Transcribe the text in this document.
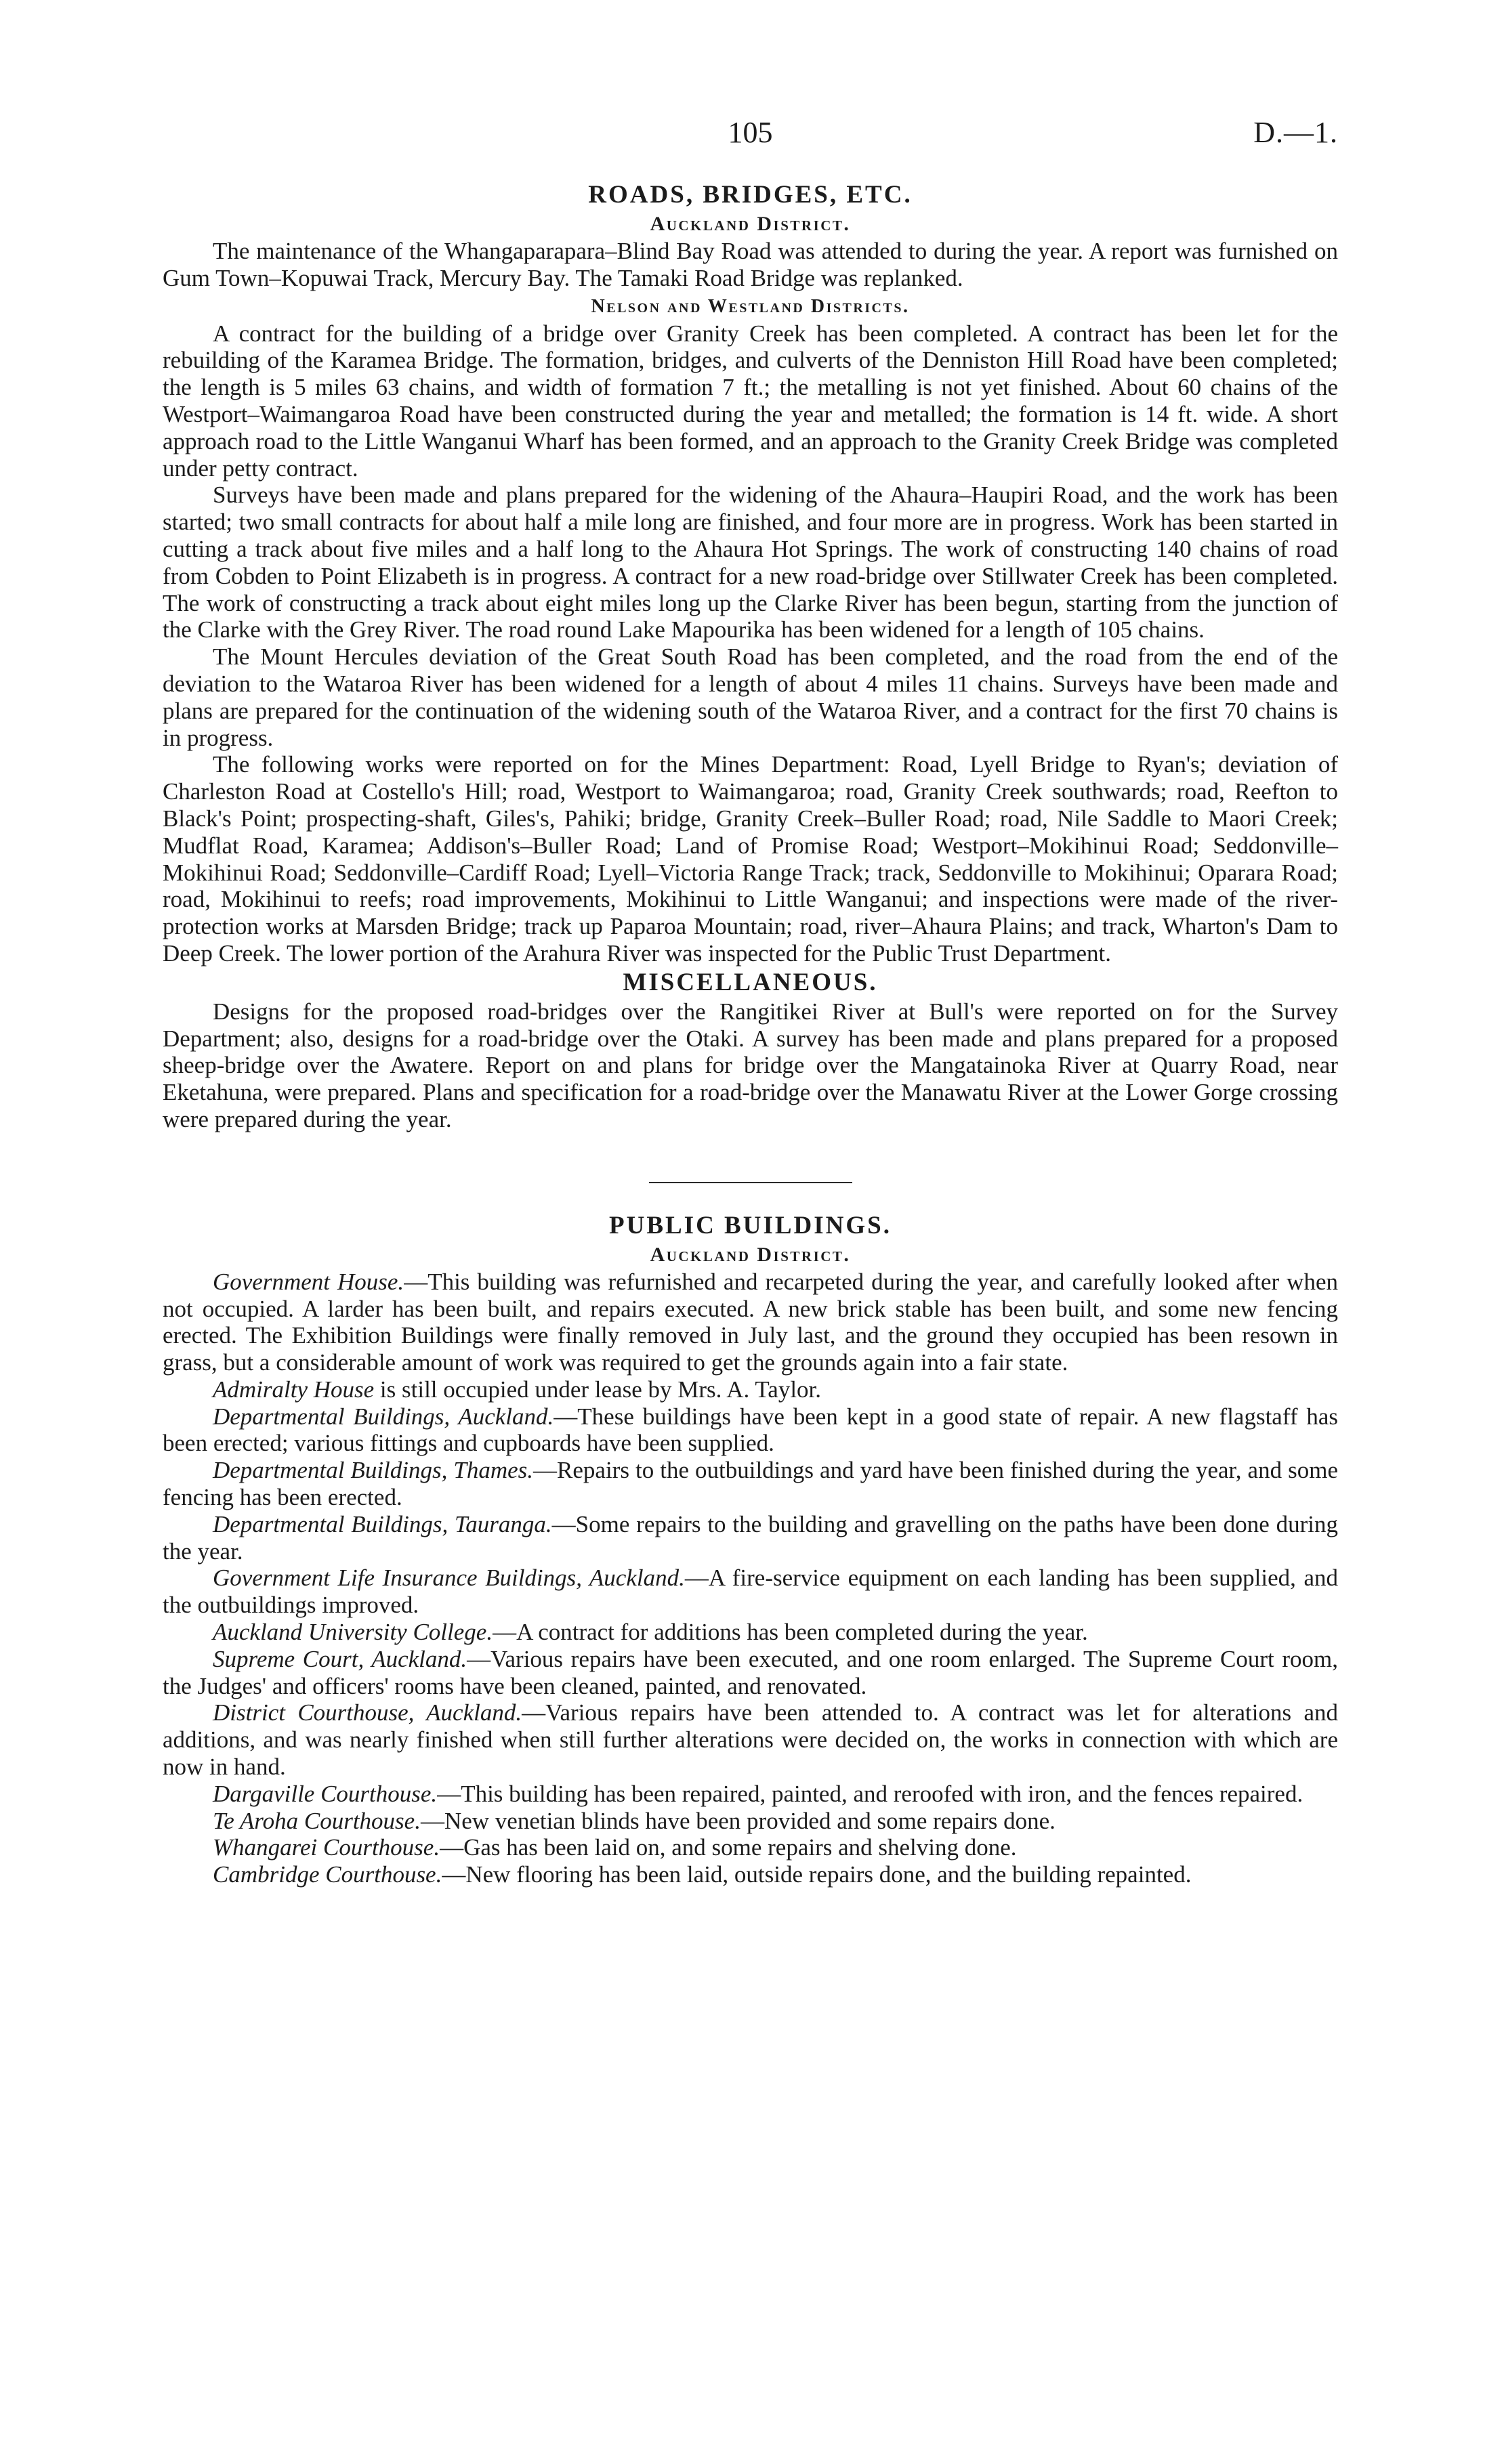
105	D.—1.
ROADS, BRIDGES, ETC.
Auckland District.

The maintenance of the Whangaparapara–Blind Bay Road was attended to during the year. A report was furnished on Gum Town–Kopuwai Track, Mercury Bay. The Tamaki Road Bridge was replanked.

Nelson and Westland Districts.

A contract for the building of a bridge over Granity Creek has been completed. A contract has been let for the rebuilding of the Karamea Bridge. The formation, bridges, and culverts of the Denniston Hill Road have been completed; the length is 5 miles 63 chains, and width of formation 7 ft.; the metalling is not yet finished. About 60 chains of the Westport–Waimangaroa Road have been constructed during the year and metalled; the formation is 14 ft. wide. A short approach road to the Little Wanganui Wharf has been formed, and an approach to the Granity Creek Bridge was completed under petty contract.

Surveys have been made and plans prepared for the widening of the Ahaura–Haupiri Road, and the work has been started; two small contracts for about half a mile long are finished, and four more are in progress. Work has been started in cutting a track about five miles and a half long to the Ahaura Hot Springs. The work of constructing 140 chains of road from Cobden to Point Elizabeth is in progress. A contract for a new road-bridge over Stillwater Creek has been completed. The work of constructing a track about eight miles long up the Clarke River has been begun, starting from the junction of the Clarke with the Grey River. The road round Lake Mapourika has been widened for a length of 105 chains.

The Mount Hercules deviation of the Great South Road has been completed, and the road from the end of the deviation to the Wataroa River has been widened for a length of about 4 miles 11 chains. Surveys have been made and plans are prepared for the continuation of the widening south of the Wataroa River, and a contract for the first 70 chains is in progress.

The following works were reported on for the Mines Department: Road, Lyell Bridge to Ryan's; deviation of Charleston Road at Costello's Hill; road, Westport to Waimangaroa; road, Granity Creek southwards; road, Reefton to Black's Point; prospecting-shaft, Giles's, Pahiki; bridge, Granity Creek–Buller Road; road, Nile Saddle to Maori Creek; Mudflat Road, Karamea; Addison's–Buller Road; Land of Promise Road; Westport–Mokihinui Road; Seddonville–Mokihinui Road; Seddonville–Cardiff Road; Lyell–Victoria Range Track; track, Seddonville to Mokihinui; Oparara Road; road, Mokihinui to reefs; road improvements, Mokihinui to Little Wanganui; and inspections were made of the river-protection works at Marsden Bridge; track up Paparoa Mountain; road, river–Ahaura Plains; and track, Wharton's Dam to Deep Creek. The lower portion of the Arahura River was inspected for the Public Trust Department.

MISCELLANEOUS.

Designs for the proposed road-bridges over the Rangitikei River at Bull's were reported on for the Survey Department; also, designs for a road-bridge over the Otaki. A survey has been made and plans prepared for a proposed sheep-bridge over the Awatere. Report on and plans for bridge over the Mangatainoka River at Quarry Road, near Eketahuna, were prepared. Plans and specification for a road-bridge over the Manawatu River at the Lower Gorge crossing were prepared during the year.

PUBLIC BUILDINGS.
Auckland District.

Government House.—This building was refurnished and recarpeted during the year, and carefully looked after when not occupied. A larder has been built, and repairs executed. A new brick stable has been built, and some new fencing erected. The Exhibition Buildings were finally removed in July last, and the ground they occupied has been resown in grass, but a considerable amount of work was required to get the grounds again into a fair state.

Admiralty House is still occupied under lease by Mrs. A. Taylor.

Departmental Buildings, Auckland.—These buildings have been kept in a good state of repair. A new flagstaff has been erected; various fittings and cupboards have been supplied.

Departmental Buildings, Thames.—Repairs to the outbuildings and yard have been finished during the year, and some fencing has been erected.

Departmental Buildings, Tauranga.—Some repairs to the building and gravelling on the paths have been done during the year.

Government Life Insurance Buildings, Auckland.—A fire-service equipment on each landing has been supplied, and the outbuildings improved.

Auckland University College.—A contract for additions has been completed during the year.

Supreme Court, Auckland.—Various repairs have been executed, and one room enlarged. The Supreme Court room, the Judges' and officers' rooms have been cleaned, painted, and renovated.

District Courthouse, Auckland.—Various repairs have been attended to. A contract was let for alterations and additions, and was nearly finished when still further alterations were decided on, the works in connection with which are now in hand.

Dargaville Courthouse.—This building has been repaired, painted, and reroofed with iron, and the fences repaired.

Te Aroha Courthouse.—New venetian blinds have been provided and some repairs done.

Whangarei Courthouse.—Gas has been laid on, and some repairs and shelving done.

Cambridge Courthouse.—New flooring has been laid, outside repairs done, and the building repainted.
